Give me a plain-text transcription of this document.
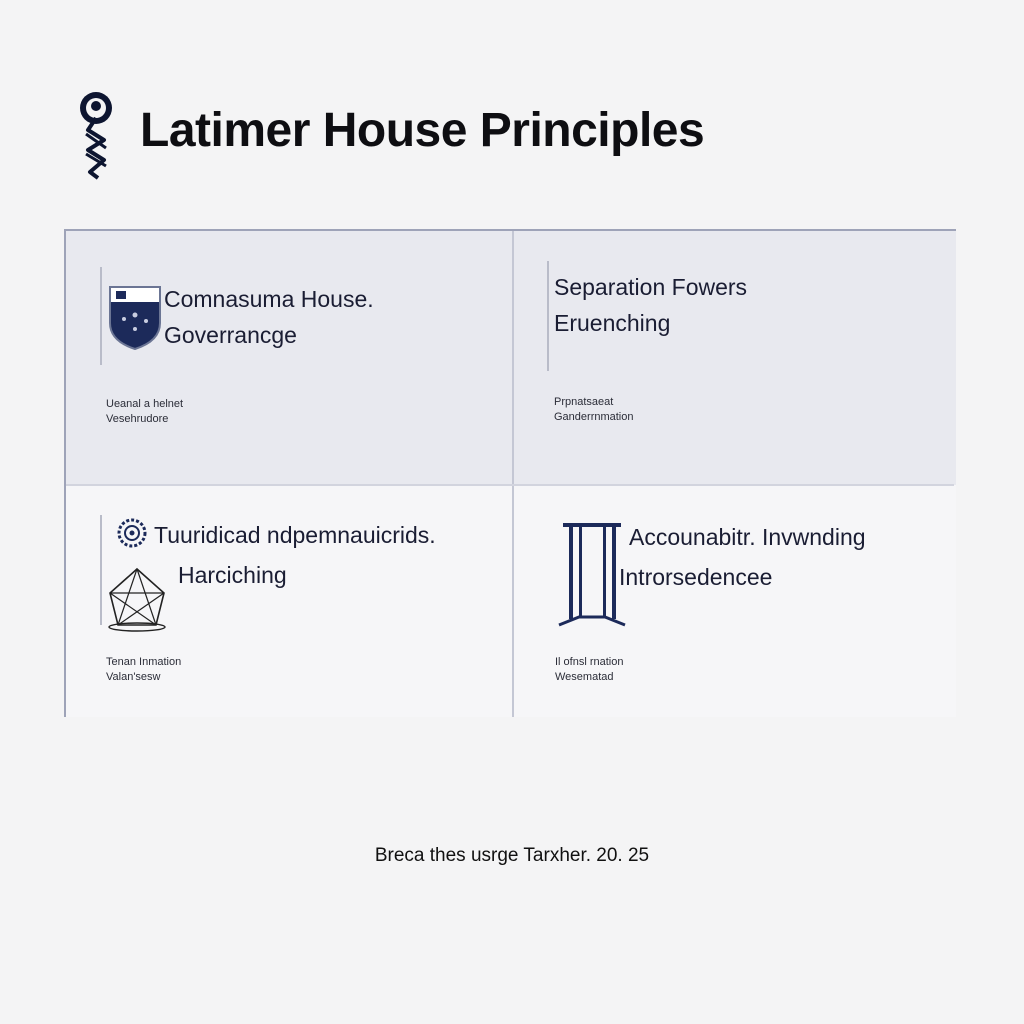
Latimer House Principles
Comnasuma House.
Goverrancge
Ueanal a helnet
Vesehrudore
Separation Fowers
Eruenching
Prpnatsaeat
Ganderrnmation
Tuuridicad ndpemnauicrids.
Harciching
Tenan Inmation
Valan'sesw
Accounabitr. Invwnding
Introrsedencee
Il ofnsl rnation
Wesematad
Breca thes usrge Tarxher. 20. 25
